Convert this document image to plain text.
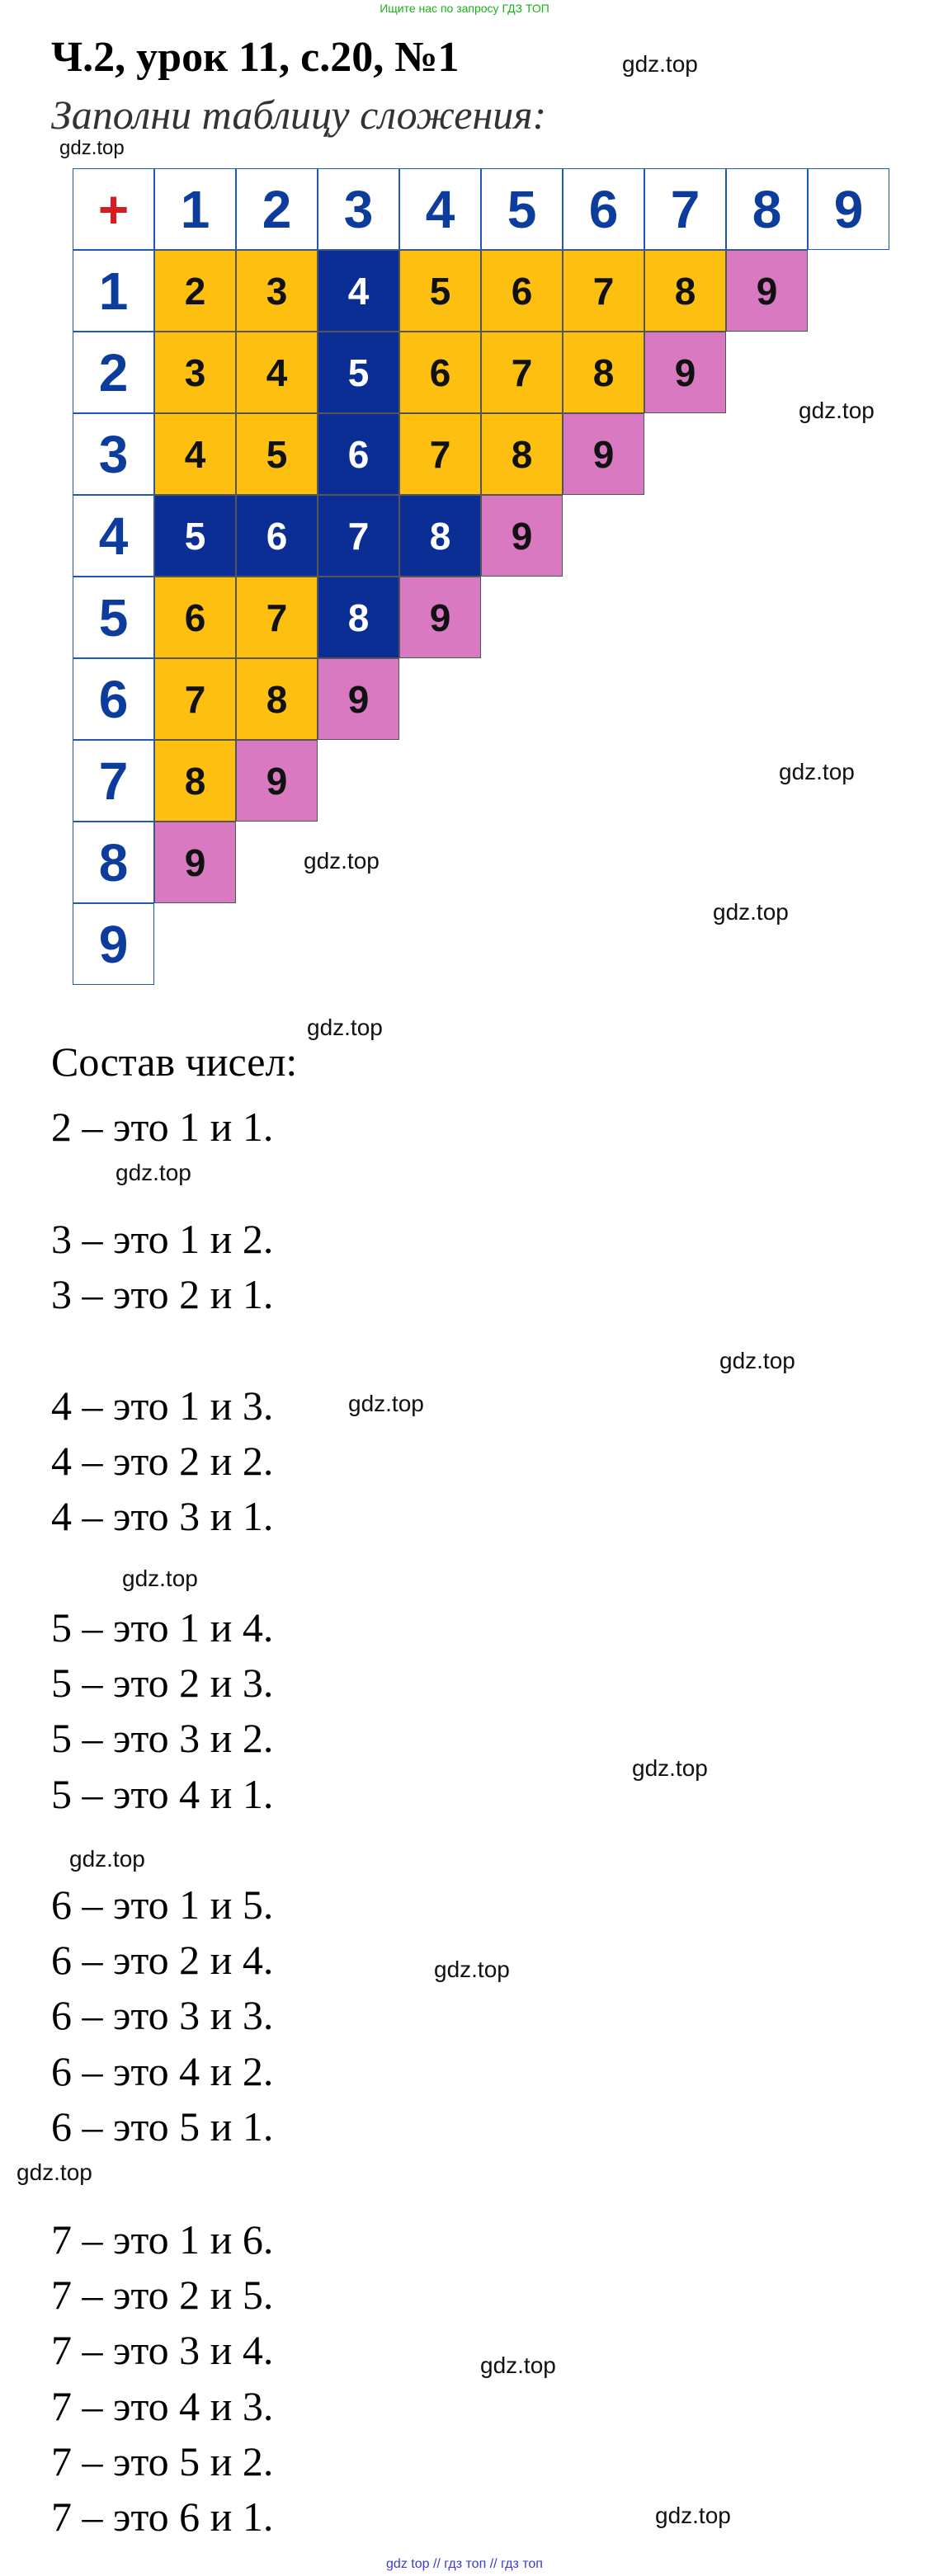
Ищите нас по запросу ГДЗ ТОП
Ч.2, урок 11, с.20, №1
Заполни таблицу сложения:
gdz.top
gdz.top
+ 1 2 3 4 5 6 7 8 9
1	2	3	4	5	6	7	8	9
2	3	4	5	6	7	8	9
3	4	5	6	7	8	9
4	5	6	7	8	9
5	6	7	8	9
6	7	8	9
7	8	9
8	9
9
gdz.top
gdz.top
gdz.top
gdz.top
gdz.top
Состав чисел:
2 – это 1 и 1.
3 – это 1 и 2.
3 – это 2 и 1.
4 – это 1 и 3.
4 – это 2 и 2.
4 – это 3 и 1.
5 – это 1 и 4.
5 – это 2 и 3.
5 – это 3 и 2.
5 – это 4 и 1.
6 – это 1 и 5.
6 – это 2 и 4.
6 – это 3 и 3.
6 – это 4 и 2.
6 – это 5 и 1.
7 – это 1 и 6.
7 – это 2 и 5.
7 – это 3 и 4.
7 – это 4 и 3.
7 – это 5 и 2.
7 – это 6 и 1.
gdz.top
gdz.top
gdz.top
gdz.top
gdz.top
gdz.top
gdz.top
gdz.top
gdz.top
gdz.top
gdz top // гдз топ // гдз топ
